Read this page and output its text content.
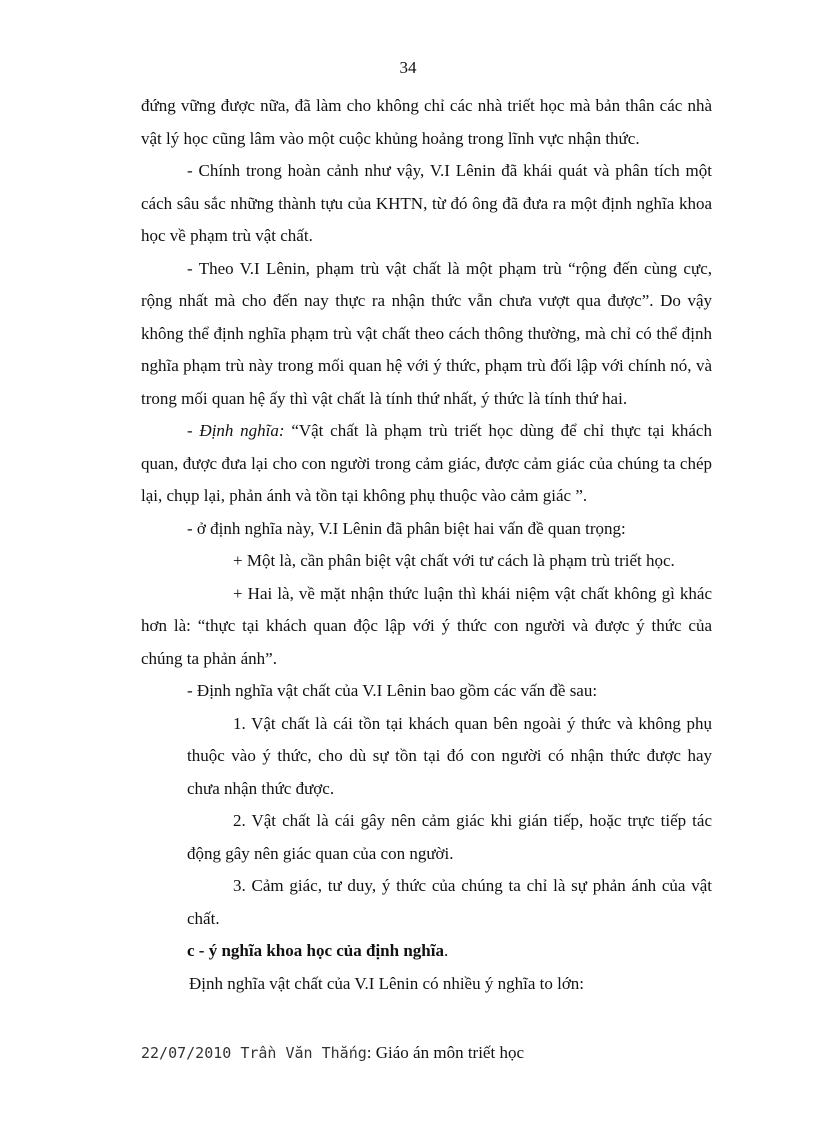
34

đứng vững được nữa, đã làm cho không chỉ các nhà triết học mà bản thân các nhà vật lý học cũng lâm vào một cuộc khủng hoảng trong lĩnh vực nhận thức.

- Chính trong hoàn cảnh như vậy, V.I Lênin đã khái quát và phân tích một cách sâu sắc những thành tựu của KHTN, từ đó ông đã đưa ra một định nghĩa khoa học về phạm trù vật chất.

- Theo V.I Lênin, phạm trù vật chất là một phạm trù “rộng đến cùng cực, rộng nhất mà cho đến nay thực ra nhận thức vẫn chưa vượt qua được”. Do vậy không thể định nghĩa phạm trù vật chất theo cách thông thường, mà chỉ có thể định nghĩa phạm trù này trong mối quan hệ với ý thức, phạm trù đối lập với chính nó, và trong mối quan hệ ấy thì vật chất là tính thứ nhất, ý thức là tính thứ hai.

- Định nghĩa: “Vật chất là phạm trù triết học dùng để chỉ thực tại khách quan, được đưa lại cho con người trong cảm giác, được cảm giác của chúng ta chép lại, chụp lại, phản ánh và tồn tại không phụ thuộc vào cảm giác ”.

- ở định nghĩa này, V.I Lênin đã phân biệt hai vấn đề quan trọng:

+ Một là, cần phân biệt vật chất với tư cách là phạm trù triết học.

+ Hai là, về mặt nhận thức luận thì khái niệm vật chất không gì khác hơn là: “thực tại khách quan độc lập với ý thức con người và được ý thức của chúng ta phản ánh”.

- Định nghĩa vật chất của V.I Lênin bao gồm các vấn đề sau:

1. Vật chất là cái tồn tại khách quan bên ngoài ý thức và không phụ thuộc vào ý thức, cho dù sự tồn tại đó con người có nhận thức được hay chưa nhận thức được.

2. Vật chất là cái gây nên cảm giác khi gián tiếp, hoặc trực tiếp tác động gây nên giác quan của con người.

3. Cảm giác, tư duy, ý thức của chúng ta chỉ là sự phản ánh của vật chất.

c - ý nghĩa khoa học của định nghĩa.

Định nghĩa vật chất của V.I Lênin có nhiều ý nghĩa to lớn:

22/07/2010 Trần Văn Thắng: Giáo án môn triết học
